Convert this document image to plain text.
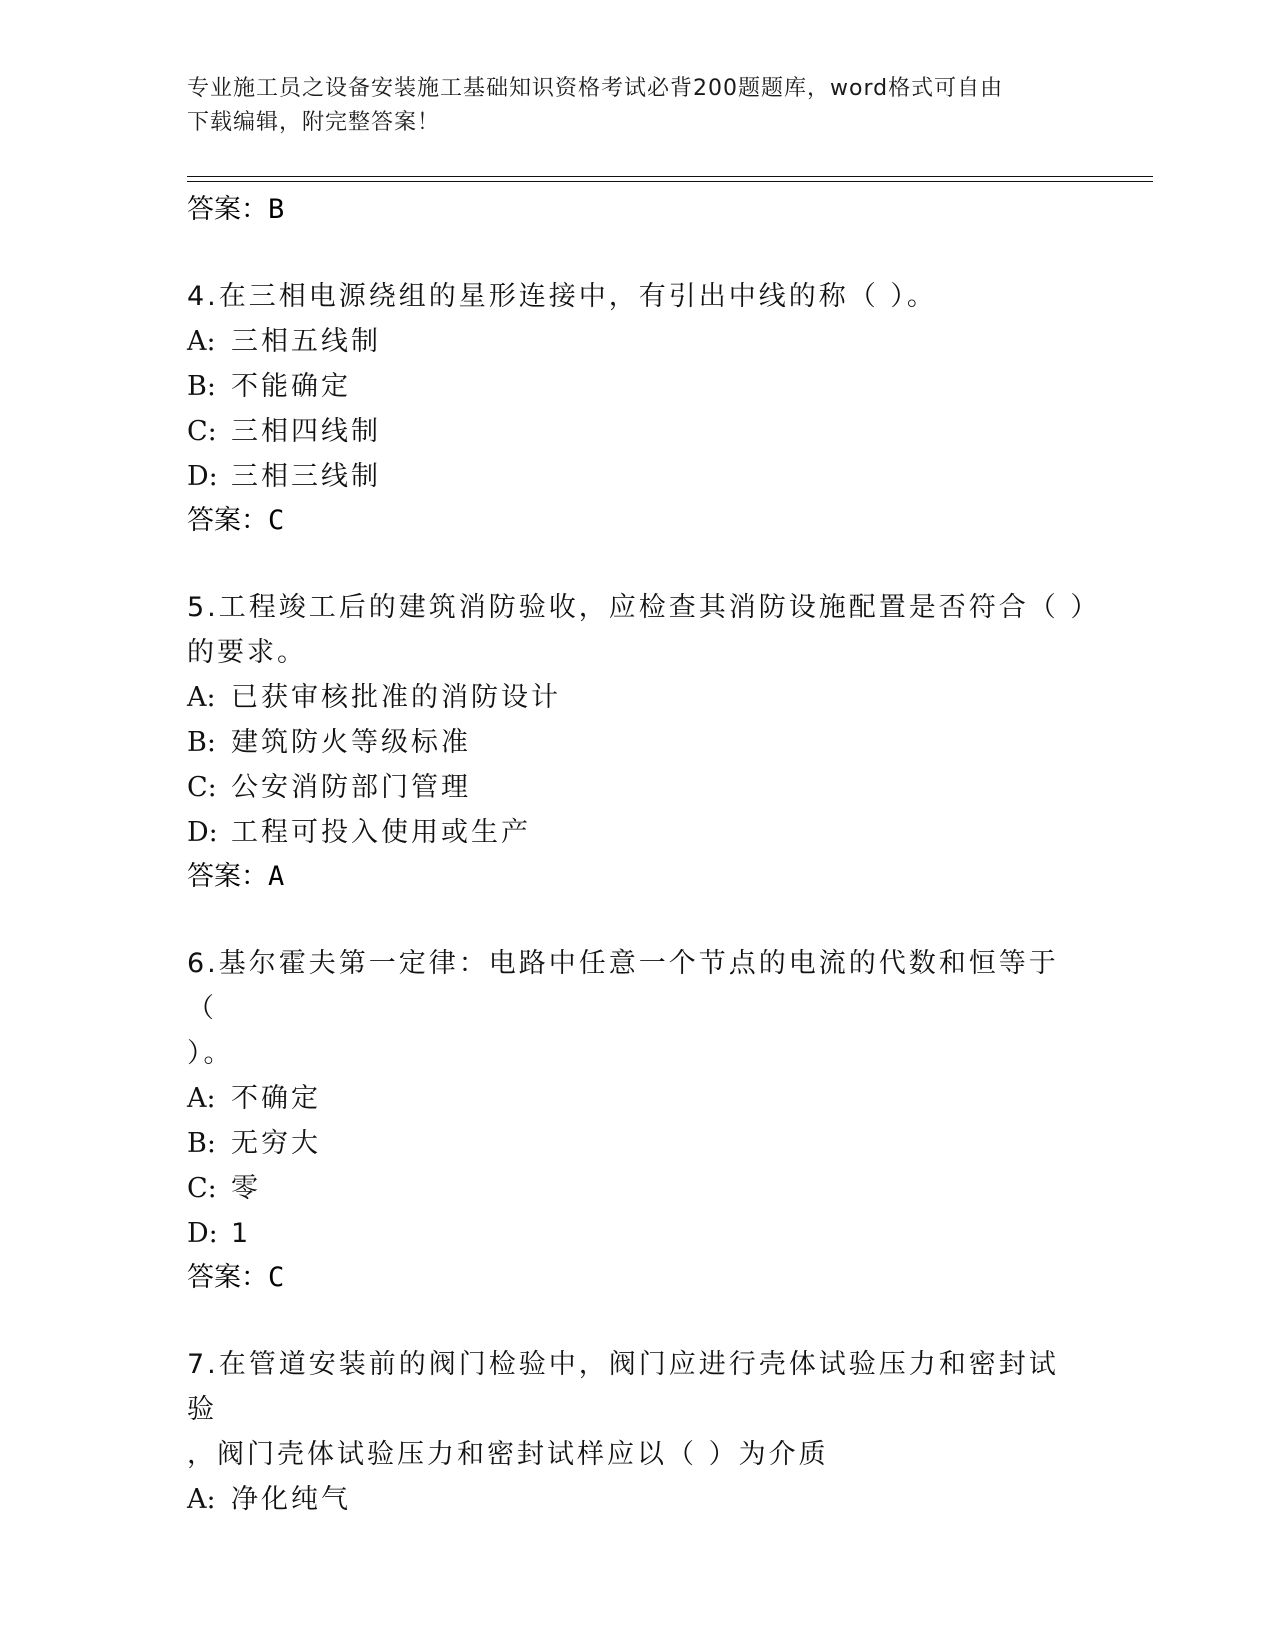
专业施工员之设备安装施工基础知识资格考试必背200题题库，word格式可自由
下载编辑，附完整答案！
答案：B
4.在三相电源绕组的星形连接中，有引出中线的称（ ）。
A: 三相五线制
B: 不能确定
C: 三相四线制
D: 三相三线制
答案：C
5.工程竣工后的建筑消防验收，应检查其消防设施配置是否符合（ ）
的要求。
A: 已获审核批准的消防设计
B: 建筑防火等级标准
C: 公安消防部门管理
D: 工程可投入使用或生产
答案：A
6.基尔霍夫第一定律：电路中任意一个节点的电流的代数和恒等于（
）。
A: 不确定
B: 无穷大
C: 零
D: 1
答案：C
7.在管道安装前的阀门检验中，阀门应进行壳体试验压力和密封试验
，阀门壳体试验压力和密封试样应以（ ）为介质
A: 净化纯气
